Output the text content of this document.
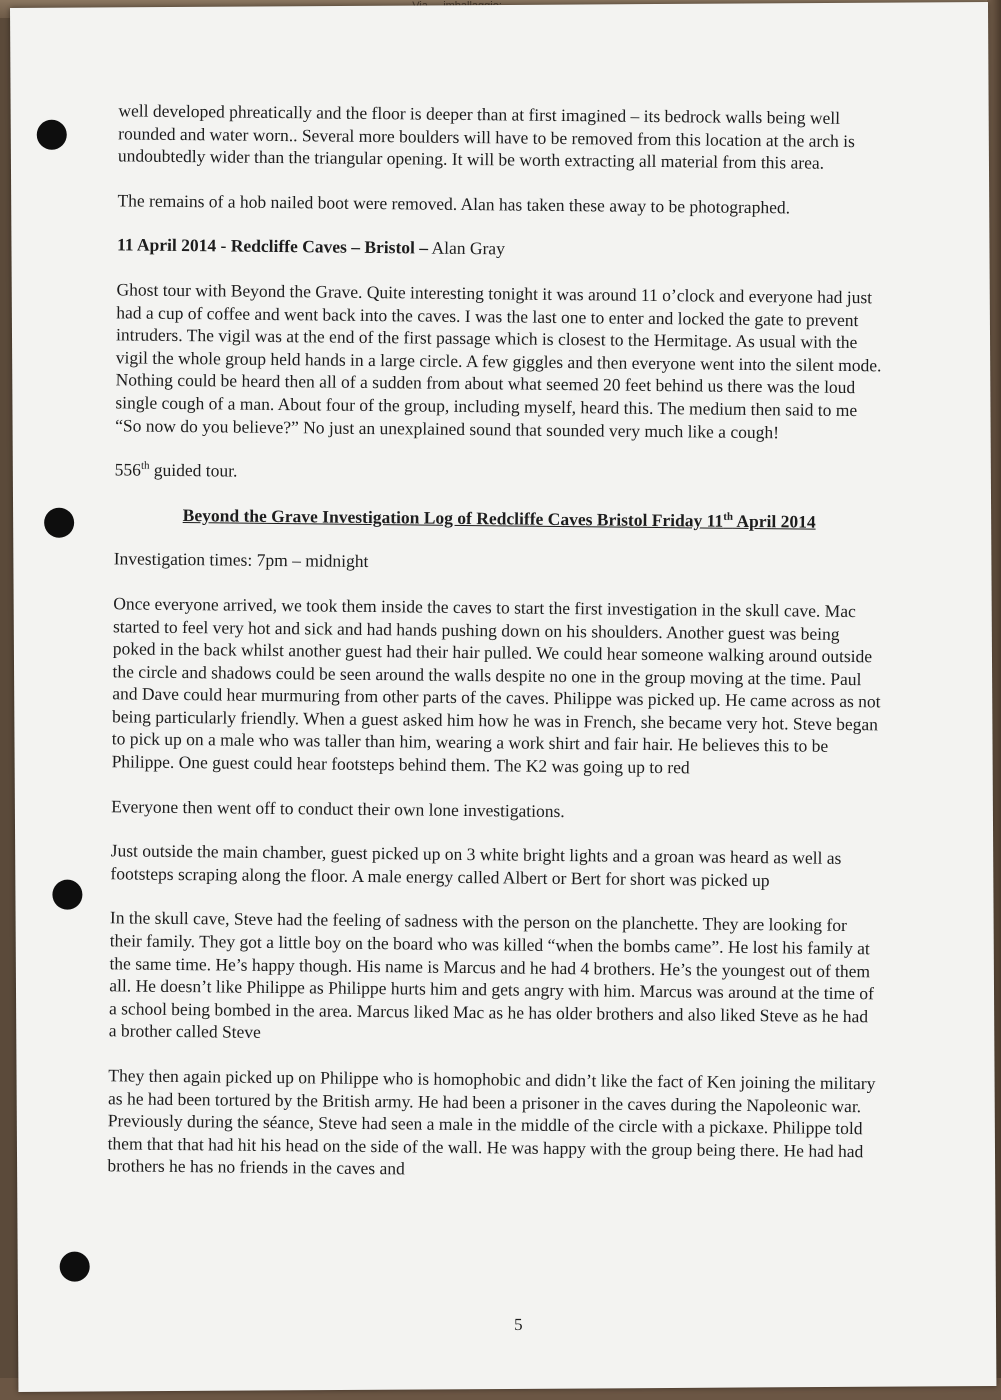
well developed phreatically and the floor is deeper than at first imagined – its bedrock walls being well rounded and water worn.. Several more boulders will have to be removed from this location at the arch is undoubtedly wider than the triangular opening. It will be worth extracting all material from this area.

The remains of a hob nailed boot were removed. Alan has taken these away to be photographed.

11 April 2014 - Redcliffe Caves – Bristol – Alan Gray

Ghost tour with Beyond the Grave. Quite interesting tonight it was around 11 o’clock and everyone had just had a cup of coffee and went back into the caves. I was the last one to enter and locked the gate to prevent intruders. The vigil was at the end of the first passage which is closest to the Hermitage. As usual with the vigil the whole group held hands in a large circle. A few giggles and then everyone went into the silent mode. Nothing could be heard then all of a sudden from about what seemed 20 feet behind us there was the loud single cough of a man. About four of the group, including myself, heard this. The medium then said to me “So now do you believe?” No just an unexplained sound that sounded very much like a cough!

556th guided tour.

Beyond the Grave Investigation Log of Redcliffe Caves Bristol Friday 11th April 2014

Investigation times: 7pm – midnight

Once everyone arrived, we took them inside the caves to start the first investigation in the skull cave. Mac started to feel very hot and sick and had hands pushing down on his shoulders. Another guest was being poked in the back whilst another guest had their hair pulled. We could hear someone walking around outside the circle and shadows could be seen around the walls despite no one in the group moving at the time. Paul and Dave could hear murmuring from other parts of the caves. Philippe was picked up. He came across as not being particularly friendly. When a guest asked him how he was in French, she became very hot. Steve began to pick up on a male who was taller than him, wearing a work shirt and fair hair. He believes this to be Philippe. One guest could hear footsteps behind them. The K2 was going up to red

Everyone then went off to conduct their own lone investigations.

Just outside the main chamber, guest picked up on 3 white bright lights and a groan was heard as well as footsteps scraping along the floor. A male energy called Albert or Bert for short was picked up

In the skull cave, Steve had the feeling of sadness with the person on the planchette. They are looking for their family. They got a little boy on the board who was killed “when the bombs came”. He lost his family at the same time. He’s happy though. His name is Marcus and he had 4 brothers. He’s the youngest out of them all. He doesn’t like Philippe as Philippe hurts him and gets angry with him. Marcus was around at the time of a school being bombed in the area. Marcus liked Mac as he has older brothers and also liked Steve as he had a brother called Steve

They then again picked up on Philippe who is homophobic and didn’t like the fact of Ken joining the military as he had been tortured by the British army. He had been a prisoner in the caves during the Napoleonic war. Previously during the séance, Steve had seen a male in the middle of the circle with a pickaxe. Philippe told them that that had hit his head on the side of the wall. He was happy with the group being there. He had had brothers he has no friends in the caves and

5
